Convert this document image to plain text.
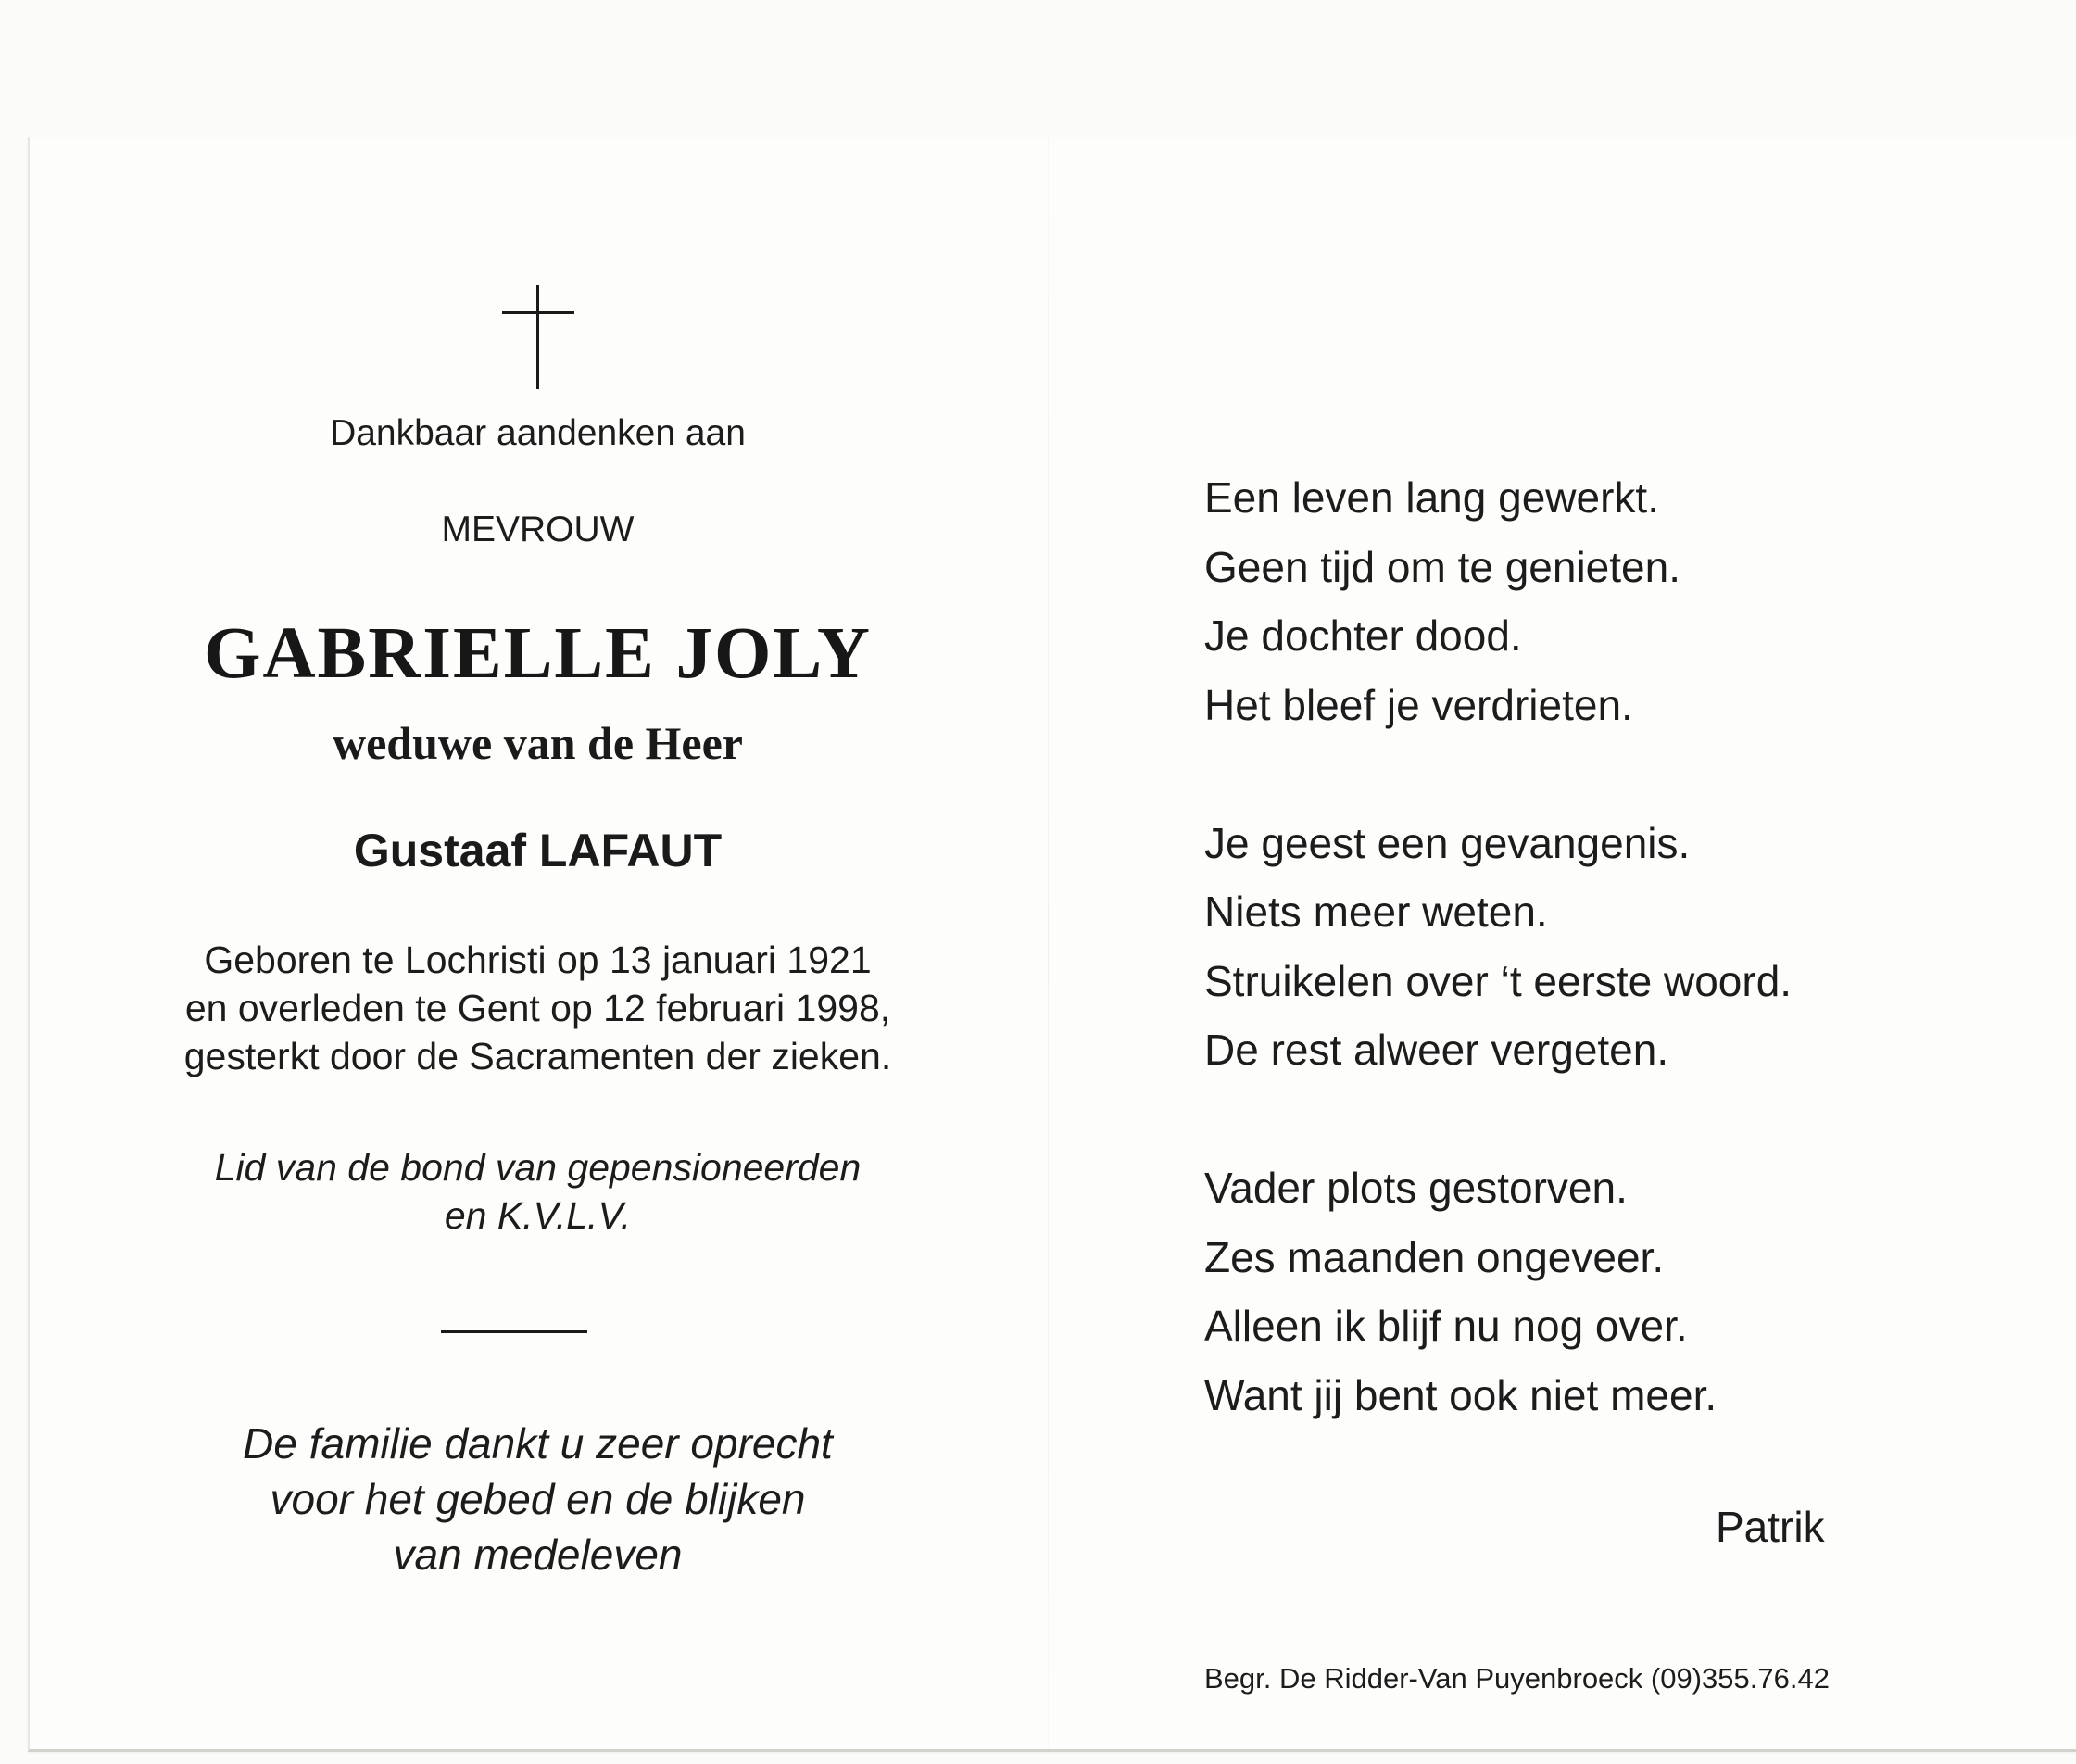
Dankbaar aandenken aan
MEVROUW
GABRIELLE JOLY
weduwe van de Heer
Gustaaf LAFAUT
Geboren te Lochristi op 13 januari 1921
en overleden te Gent op 12 februari 1998,
gesterkt door de Sacramenten der zieken.
Lid van de bond van gepensioneerden
en K.V.L.V.
De familie dankt u zeer oprecht
voor het gebed en de blijken
van medeleven
Een leven lang gewerkt.
Geen tijd om te genieten.
Je dochter dood.
Het bleef je verdrieten.
Je geest een gevangenis.
Niets meer weten.
Struikelen over ‘t eerste woord.
De rest alweer vergeten.
Vader plots gestorven.
Zes maanden ongeveer.
Alleen ik blijf nu nog over.
Want jij bent ook niet meer.
Patrik
Begr. De Ridder-Van Puyenbroeck (09)355.76.42
